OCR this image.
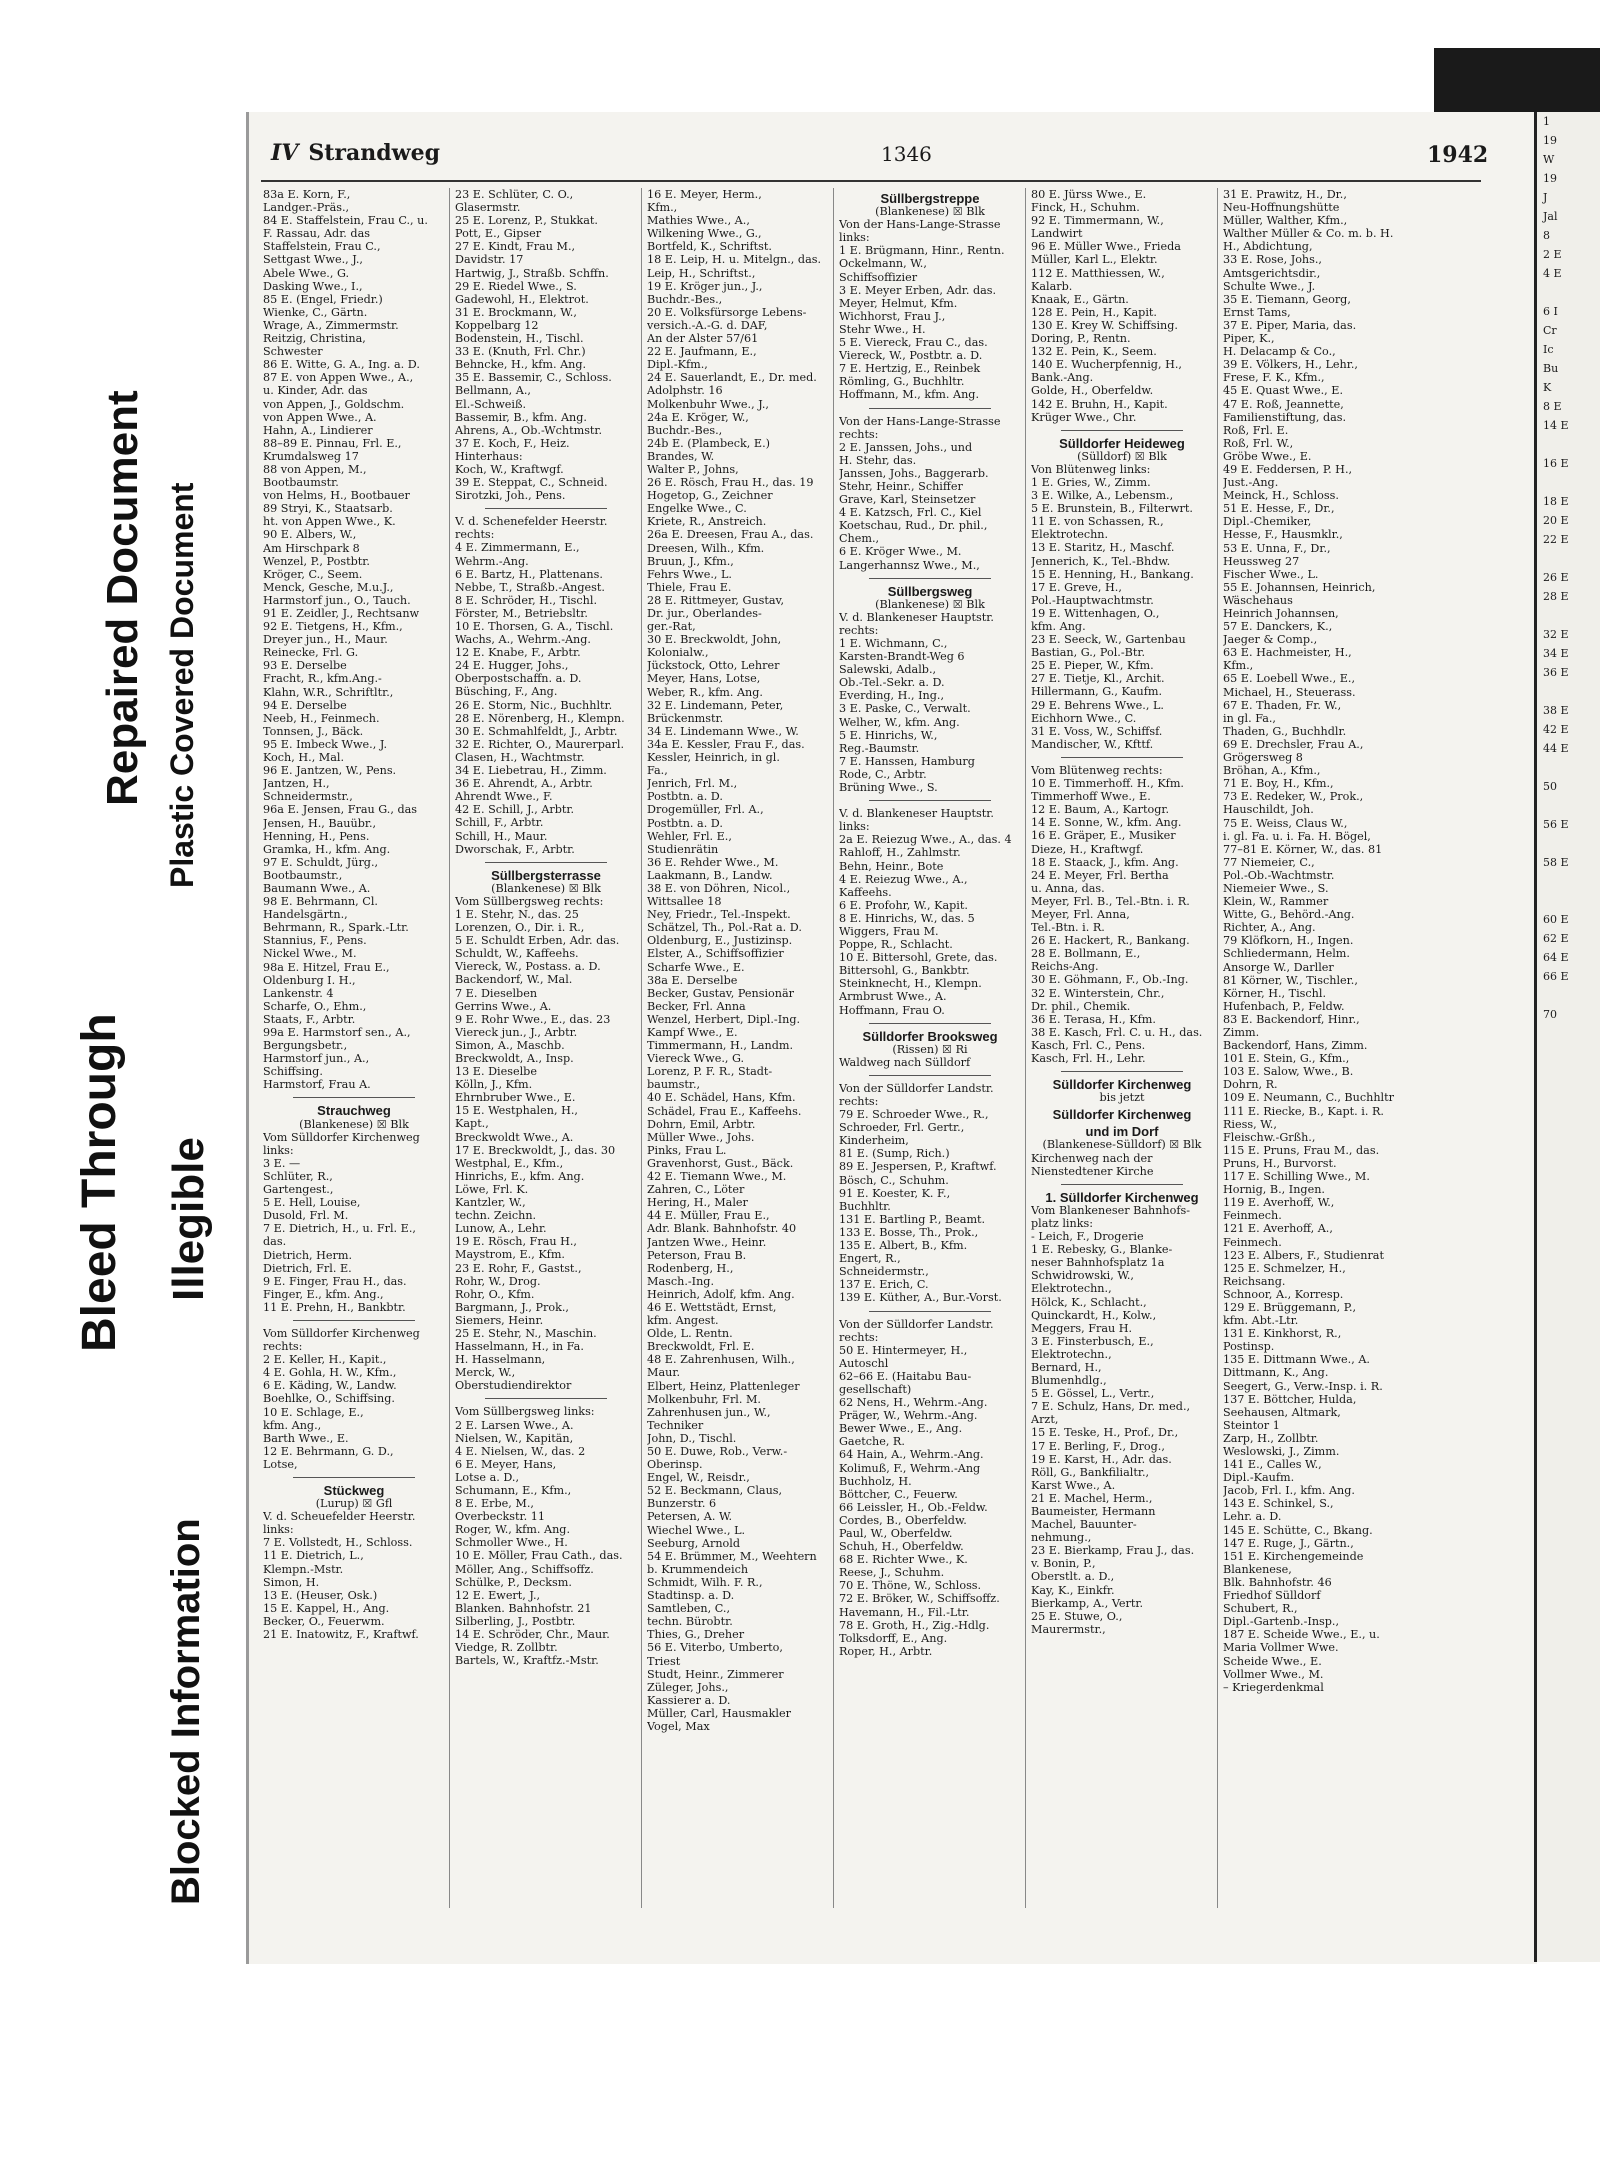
Bleed Through
Repaired Document
Blocked Information
Illegible
Plastic Covered Document
IV Strandweg	1346	1942
83a E. Korn, F.,
Landger.-Präs.,
84 E. Staffelstein, Frau C., u.
F. Rassau, Adr. das
Staffelstein, Frau C.,
Settgast Wwe., J.,
Abele Wwe., G.
Dasking Wwe., I.,
85 E. (Engel, Friedr.)
Wienke, C., Gärtn.
Wrage, A., Zimmermstr.
Reitzig, Christina,
Schwester
86 E. Witte, G. A., Ing. a. D.
87 E. von Appen Wwe., A.,
u. Kinder, Adr. das
von Appen, J., Goldschm.
von Appen Wwe., A.
Hahn, A., Lindierer
88–89 E. Pinnau, Frl. E.,
Krumdalsweg 17
88 von Appen, M.,
Bootbaumstr.
von Helms, H., Bootbauer
89 Stryi, K., Staatsarb.
ht. von Appen Wwe., K.
90 E. Albers, W.,
Am Hirschpark 8
Wenzel, P., Postbtr.
Kröger, C., Seem.
Menck, Gesche, M.u.J.,
Harmstorf jun., O., Tauch.
91 E. Zeidler, J., Rechtsanw
92 E. Tietgens, H., Kfm.,
Dreyer jun., H., Maur.
Reinecke, Frl. G.
93 E. Derselbe
Fracht, R., kfm.Ang.-
Klahn, W.R., Schriftltr.,
94 E. Derselbe
Neeb, H., Feinmech.
Tonnsen, J., Bäck.
95 E. Imbeck Wwe., J.
Koch, H., Mal.
96 E. Jantzen, W., Pens.
Jantzen, H.,
Schneidermstr.,
96a E. Jensen, Frau G., das
Jensen, H., Bauübr.,
Henning, H., Pens.
Gramka, H., kfm. Ang.
97 E. Schuldt, Jürg.,
Bootbaumstr.,
Baumann Wwe., A.
98 E. Behrmann, Cl.
Handelsgärtn.,
Behrmann, R., Spark.-Ltr.
Stannius, F., Pens.
Nickel Wwe., M.
98a E. Hitzel, Frau E.,
Oldenburg I. H.,
Lankenstr. 4
Scharfe, O., Ehm.,
Staats, F., Arbtr.
99a E. Harmstorf sen., A.,
Bergungsbetr.,
Harmstorf jun., A.,
Schiffsing.
Harmstorf, Frau A.
Strauchweg
(Blankenese) ☒ Blk
Vom Sülldorfer Kirchenweg
links:
3 E. —
Schlüter, R.,
Gartengest.,
5 E. Hell, Louise,
Dusold, Frl. M.
7 E. Dietrich, H., u. Frl. E.,
das.
Dietrich, Herm.
Dietrich, Frl. E.
9 E. Finger, Frau H., das.
Finger, E., kfm. Ang.,
11 E. Prehn, H., Bankbtr.
Vom Sülldorfer Kirchenweg
rechts:
2 E. Keller, H., Kapit.,
4 E. Gohla, H. W., Kfm.,
6 E. Käding, W., Landw.
Boehlke, O., Schiffsing.
10 E. Schlage, E.,
kfm. Ang.,
Barth Wwe., E.
12 E. Behrmann, G. D.,
Lotse,
Stückweg
(Lurup) ☒ Gfl
V. d. Scheuefelder Heerstr.
links:
7 E. Vollstedt, H., Schloss.
11 E. Dietrich, L.,
Klempn.-Mstr.
Simon, H.
13 E. (Heuser, Osk.)
15 E. Kappel, H., Ang.
Becker, O., Feuerwm.
21 E. Inatowitz, F., Kraftwf.
23 E. Schlüter, C. O.,
Glasermstr.
25 E. Lorenz, P., Stukkat.
Pott, E., Gipser
27 E. Kindt, Frau M.,
Davidstr. 17
Hartwig, J., Straßb. Schffn.
29 E. Riedel Wwe., S.
Gadewohl, H., Elektrot.
31 E. Brockmann, W.,
Koppelbarg 12
Bodenstein, H., Tischl.
33 E. (Knuth, Frl. Chr.)
Behncke, H., kfm. Ang.
35 E. Bassemir, C., Schloss.
Bellmann, A.,
El.-Schweiß.
Bassemir, B., kfm. Ang.
Ahrens, A., Ob.-Wchtmstr.
37 E. Koch, F., Heiz.
Hinterhaus:
Koch, W., Kraftwgf.
39 E. Steppat, C., Schneid.
Sirotzki, Joh., Pens.
V. d. Schenefelder Heerstr.
rechts:
4 E. Zimmermann, E.,
Wehrm.-Ang.
6 E. Bartz, H., Plattenans.
Nebbe, T., Straßb.-Angest.
8 E. Schröder, H., Tischl.
Förster, M., Betriebsltr.
10 E. Thorsen, G. A., Tischl.
Wachs, A., Wehrm.-Ang.
12 E. Knabe, F., Arbtr.
24 E. Hugger, Johs.,
Oberpostschaffn. a. D.
Büsching, F., Ang.
26 E. Storm, Nic., Buchhltr.
28 E. Nörenberg, H., Klempn.
30 E. Schmahlfeldt, J., Arbtr.
32 E. Richter, O., Maurerparl.
Clasen, H., Wachtmstr.
34 E. Liebetrau, H., Zimm.
36 E. Ahrendt, A., Arbtr.
Ahrendt Wwe., F.
42 E. Schill, J., Arbtr.
Schill, F., Arbtr.
Schill, H., Maur.
Dworschak, F., Arbtr.
Süllbergsterrasse
(Blankenese) ☒ Blk
Vom Süllbergsweg rechts:
1 E. Stehr, N., das. 25
Lorenzen, O., Dir. i. R.,
5 E. Schuldt Erben, Adr. das.
Schuldt, W., Kaffeehs.
Viereck, W., Postass. a. D.
Backendorf, W., Mal.
7 E. Dieselben
Gerrins Wwe., A.
9 E. Rohr Wwe., E., das. 23
Viereck jun., J., Arbtr.
Simon, A., Maschb.
Breckwoldt, A., Insp.
13 E. Dieselbe
Kölln, J., Kfm.
Ehrnbruber Wwe., E.
15 E. Westphalen, H.,
Kapt.,
Breckwoldt Wwe., A.
17 E. Breckwoldt, J., das. 30
Westphal, E., Kfm.,
Hinrichs, E., kfm. Ang.
Löwe, Frl. K.
Kantzler, W.,
techn. Zeichn.
Lunow, A., Lehr.
19 E. Rösch, Frau H.,
Maystrom, E., Kfm.
23 E. Rohr, F., Gastst.,
Rohr, W., Drog.
Rohr, O., Kfm.
Bargmann, J., Prok.,
Siemers, Heinr.
25 E. Stehr, N., Maschin.
Hasselmann, H., in Fa.
H. Hasselmann,
Merck, W.,
Oberstudiendirektor
Vom Süllbergsweg links:
2 E. Larsen Wwe., A.
Nielsen, W., Kapitän,
4 E. Nielsen, W., das. 2
6 E. Meyer, Hans,
Lotse a. D.,
Schumann, E., Kfm.,
8 E. Erbe, M.,
Overbeckstr. 11
Roger, W., kfm. Ang.
Schmoller Wwe., H.
10 E. Möller, Frau Cath., das.
Möller, Ang., Schiffsoffz.
Schülke, P., Decksm.
12 E. Ewert, J.,
Blanken. Bahnhofstr. 21
Silberling, J., Postbtr.
14 E. Schröder, Chr., Maur.
Viedge, R. Zollbtr.
Bartels, W., Kraftfz.-Mstr.
16 E. Meyer, Herm.,
Kfm.,
Mathies Wwe., A.,
Wilkening Wwe., G.,
Bortfeld, K., Schriftst.
18 E. Leip, H. u. Mitelgn., das.
Leip, H., Schriftst.,
19 E. Kröger jun., J.,
Buchdr.-Bes.,
20 E. Volksfürsorge Lebens-
versich.-A.-G. d. DAF,
An der Alster 57/61
22 E. Jaufmann, E.,
Dipl.-Kfm.,
24 E. Sauerlandt, E., Dr. med.
Adolphstr. 16
Molkenbuhr Wwe., J.,
24a E. Kröger, W.,
Buchdr.-Bes.,
24b E. (Plambeck, E.)
Brandes, W.
Walter P., Johns,
26 E. Rösch, Frau H., das. 19
Hogetop, G., Zeichner
Engelke Wwe., C.
Kriete, R., Anstreich.
26a E. Dreesen, Frau A., das.
Dreesen, Wilh., Kfm.
Bruun, J., Kfm.,
Fehrs Wwe., L.
Thiele, Frau E.
28 E. Rittmeyer, Gustav,
Dr. jur., Oberlandes-
ger.-Rat,
30 E. Breckwoldt, John,
Kolonialw.,
Jückstock, Otto, Lehrer
Meyer, Hans, Lotse,
Weber, R., kfm. Ang.
32 E. Lindemann, Peter,
Brückenmstr.
34 E. Lindemann Wwe., W.
34a E. Kessler, Frau F., das.
Kessler, Heinrich, in gl.
Fa.,
Jenrich, Frl. M.,
Postbtn. a. D.
Drogemüller, Frl. A.,
Postbtn. a. D.
Wehler, Frl. E.,
Studienrätin
36 E. Rehder Wwe., M.
Laakmann, B., Landw.
38 E. von Döhren, Nicol.,
Wittsallee 18
Ney, Friedr., Tel.-Inspekt.
Schätzel, Th., Pol.-Rat a. D.
Oldenburg, E., Justizinsp.
Elster, A., Schiffsoffizier
Scharfe Wwe., E.
38a E. Derselbe
Becker, Gustav, Pensionär
Becker, Frl. Anna
Wenzel, Herbert, Dipl.-Ing.
Kampf Wwe., E.
Timmermann, H., Landm.
Viereck Wwe., G.
Lorenz, P. F. R., Stadt-
baumstr.,
40 E. Schädel, Hans, Kfm.
Schädel, Frau E., Kaffeehs.
Dohrn, Emil, Arbtr.
Müller Wwe., Johs.
Pinks, Frau L.
Gravenhorst, Gust., Bäck.
42 E. Tiemann Wwe., M.
Zahren, C., Löter
Hering, H., Maler
44 E. Müller, Frau E.,
Adr. Blank. Bahnhofstr. 40
Jantzen Wwe., Heinr.
Peterson, Frau B.
Rodenberg, H.,
Masch.-Ing.
Heinrich, Adolf, kfm. Ang.
46 E. Wettstädt, Ernst,
kfm. Angest.
Olde, L. Rentn.
Breckwoldt, Frl. E.
48 E. Zahrenhusen, Wilh.,
Maur.
Elbert, Heinz, Plattenleger
Molkenbuhr, Frl. M.
Zahrenhusen jun., W.,
Techniker
John, D., Tischl.
50 E. Duwe, Rob., Verw.-
Oberinsp.
Engel, W., Reisdr.,
52 E. Beckmann, Claus,
Bunzerstr. 6
Petersen, A. W.
Wiechel Wwe., L.
Seeburg, Arnold
54 E. Brümmer, M., Weehtern
b. Krummendeich
Schmidt, Wilh. F. R.,
Stadtinsp. a. D.
Samtleben, C.,
techn. Bürobtr.
Thies, G., Dreher
56 E. Viterbo, Umberto,
Triest
Studt, Heinr., Zimmerer
Züleger, Johs.,
Kassierer a. D.
Müller, Carl, Hausmakler
Vogel, Max
Süllbergstreppe
(Blankenese) ☒ Blk
Von der Hans-Lange-Strasse
links:
1 E. Brügmann, Hinr., Rentn.
Ockelmann, W.,
Schiffsoffizier
3 E. Meyer Erben, Adr. das.
Meyer, Helmut, Kfm.
Wichhorst, Frau J.,
Stehr Wwe., H.
5 E. Viereck, Frau C., das.
Viereck, W., Postbtr. a. D.
7 E. Hertzig, E., Reinbek
Römling, G., Buchhltr.
Hoffmann, M., kfm. Ang.
Von der Hans-Lange-Strasse
rechts:
2 E. Janssen, Johs., und
H. Stehr, das.
Janssen, Johs., Baggerarb.
Stehr, Heinr., Schiffer
Grave, Karl, Steinsetzer
4 E. Katzsch, Frl. C., Kiel
Koetschau, Rud., Dr. phil.,
Chem.,
6 E. Kröger Wwe., M.
Langerhannsz Wwe., M.,
Süllbergsweg
(Blankenese) ☒ Blk
V. d. Blankeneser Hauptstr.
rechts:
1 E. Wichmann, C.,
Karsten-Brandt-Weg 6
Salewski, Adalb.,
Ob.-Tel.-Sekr. a. D.
Everding, H., Ing.,
3 E. Paske, C., Verwalt.
Welher, W., kfm. Ang.
5 E. Hinrichs, W.,
Reg.-Baumstr.
7 E. Hanssen, Hamburg
Rode, C., Arbtr.
Brüning Wwe., S.
V. d. Blankeneser Hauptstr.
links:
2a E. Reiezug Wwe., A., das. 4
Rahloff, H., Zahlmstr.
Behn, Heinr., Bote
4 E. Reiezug Wwe., A.,
Kaffeehs.
6 E. Profohr, W., Kapit.
8 E. Hinrichs, W., das. 5
Wiggers, Frau M.
Poppe, R., Schlacht.
10 E. Bittersohl, Grete, das.
Bittersohl, G., Bankbtr.
Steinknecht, H., Klempn.
Armbrust Wwe., A.
Hoffmann, Frau O.
Sülldorfer Brooksweg
(Rissen) ☒ Ri
Waldweg nach Sülldorf
Von der Sülldorfer Landstr.
rechts:
79 E. Schroeder Wwe., R.,
Schroeder, Frl. Gertr.,
Kinderheim,
81 E. (Sump, Rich.)
89 E. Jespersen, P., Kraftwf.
Bösch, C., Schuhm.
91 E. Koester, K. F.,
Buchhltr.
131 E. Bartling P., Beamt.
133 E. Bosse, Th., Prok.,
135 E. Albert, B., Kfm.
Engert, R.,
Schneidermstr.,
137 E. Erich, C.
139 E. Küther, A., Bur.-Vorst.
Von der Sülldorfer Landstr.
rechts:
50 E. Hintermeyer, H.,
Autoschl
62–66 E. (Haitabu Bau-
gesellschaft)
62 Nens, H., Wehrm.-Ang.
Präger, W., Wehrm.-Ang.
Bewer Wwe., E., Ang.
Gaetche, R.
64 Hain, A., Wehrm.-Ang.
Kolimuß, F., Wehrm.-Ang
Buchholz, H.
Böttcher, C., Feuerw.
66 Leissler, H., Ob.-Feldw.
Cordes, B., Oberfeldw.
Paul, W., Oberfeldw.
Schuh, H., Oberfeldw.
68 E. Richter Wwe., K.
Reese, J., Schuhm.
70 E. Thöne, W., Schloss.
72 E. Bröker, W., Schiffsoffz.
Havemann, H., Fil.-Ltr.
78 E. Groth, H., Zig.-Hdlg.
Tolksdorff, E., Ang.
Roper, H., Arbtr.
80 E. Jürss Wwe., E.
Finck, H., Schuhm.
92 E. Timmermann, W.,
Landwirt
96 E. Müller Wwe., Frieda
Müller, Karl L., Elektr.
112 E. Matthiessen, W.,
Kalarb.
Knaak, E., Gärtn.
128 E. Pein, H., Kapit.
130 E. Krey W. Schiffsing.
Doring, P., Rentn.
132 E. Pein, K., Seem.
140 E. Wucherpfennig, H.,
Bank.-Ang.
Golde, H., Oberfeldw.
142 E. Bruhn, H., Kapit.
Krüger Wwe., Chr.
Sülldorfer Heideweg
(Sülldorf) ☒ Blk
Von Blütenweg links:
1 E. Gries, W., Zimm.
3 E. Wilke, A., Lebensm.,
5 E. Brunstein, B., Filterwrt.
11 E. von Schassen, R.,
Elektrotechn.
13 E. Staritz, H., Maschf.
Jennerich, K., Tel.-Bhdw.
15 E. Henning, H., Bankang.
17 E. Greve, H.,
Pol.-Hauptwachtmstr.
19 E. Wittenhagen, O.,
kfm. Ang.
23 E. Seeck, W., Gartenbau
Bastian, G., Pol.-Btr.
25 E. Pieper, W., Kfm.
27 E. Tietje, Kl., Archit.
Hillermann, G., Kaufm.
29 E. Behrens Wwe., L.
Eichhorn Wwe., C.
31 E. Voss, W., Schiffsf.
Mandischer, W., Kfttf.
Vom Blütenweg rechts:
10 E. Timmerhoff. H., Kfm.
Timmerhoff Wwe., E.
12 E. Baum, A., Kartogr.
14 E. Sonne, W., kfm. Ang.
16 E. Gräper, E., Musiker
Dieze, H., Kraftwgf.
18 E. Staack, J., kfm. Ang.
24 E. Meyer, Frl. Bertha
u. Anna, das.
Meyer, Frl. B., Tel.-Btn. i. R.
Meyer, Frl. Anna,
Tel.-Btn. i. R.
26 E. Hackert, R., Bankang.
28 E. Bollmann, E.,
Reichs-Ang.
30 E. Göhmann, F., Ob.-Ing.
32 E. Winterstein, Chr.,
Dr. phil., Chemik.
36 E. Terasa, H., Kfm.
38 E. Kasch, Frl. C. u. H., das.
Kasch, Frl. C., Pens.
Kasch, Frl. H., Lehr.
Sülldorfer Kirchenweg
bis jetzt
Sülldorfer Kirchenweg
und im Dorf
(Blankenese-Sülldorf) ☒ Blk
Kirchenweg nach der
Nienstedtener Kirche
1. Sülldorfer Kirchenweg
Vom Blankeneser Bahnhofs-
platz links:
- Leich, F., Drogerie
1 E. Rebesky, G., Blanke-
neser Bahnhofsplatz 1a
Schwidrowski, W.,
Elektrotechn.,
Hölck, K., Schlacht.,
Quinckardt, H., Kolw.,
Meggers, Frau H.
3 E. Finsterbusch, E.,
Elektrotechn.,
Bernard, H.,
Blumenhdlg.,
5 E. Gössel, L., Vertr.,
7 E. Schulz, Hans, Dr. med.,
Arzt,
15 E. Teske, H., Prof., Dr.,
17 E. Berling, F., Drog.,
19 E. Karst, H., Adr. das.
Röll, G., Bankfilialtr.,
Karst Wwe., A.
21 E. Machel, Herm.,
Baumeister, Hermann
Machel, Bauunter-
nehmung.,
23 E. Bierkamp, Frau J., das.
v. Bonin, P.,
Oberstlt. a. D.,
Kay, K., Einkfr.
Bierkamp, A., Vertr.
25 E. Stuwe, O.,
Maurermstr.,
31 E. Prawitz, H., Dr.,
Neu-Hoffnungshütte
Müller, Walther, Kfm.,
Walther Müller & Co. m. b. H.
H., Abdichtung,
33 E. Rose, Johs.,
Amtsgerichtsdir.,
Schulte Wwe., J.
35 E. Tiemann, Georg,
Ernst Tams,
37 E. Piper, Maria, das.
Piper, K.,
H. Delacamp & Co.,
39 E. Völkers, H., Lehr.,
Frese, F. K., Kfm.,
45 E. Quast Wwe., E.
47 E. Roß, Jeannette,
Familienstiftung, das.
Roß, Frl. E.
Roß, Frl. W.,
Gröbe Wwe., E.
49 E. Feddersen, P. H.,
Just.-Ang.
Meinck, H., Schloss.
51 E. Hesse, F., Dr.,
Dipl.-Chemiker,
Hesse, F., Hausmklr.,
53 E. Unna, F., Dr.,
Heussweg 27
Fischer Wwe., L.
55 E. Johannsen, Heinrich,
Wäschehaus
Heinrich Johannsen,
57 E. Danckers, K.,
Jaeger & Comp.,
63 E. Hachmeister, H.,
Kfm.,
65 E. Loebell Wwe., E.,
Michael, H., Steuerass.
67 E. Thaden, Fr. W.,
in gl. Fa.,
Thaden, G., Buchhdlr.
69 E. Drechsler, Frau A.,
Grögersweg 8
Bröhan, A., Kfm.,
71 E. Boy, H., Kfm.,
73 E. Redeker, W., Prok.,
Hauschildt, Joh.
75 E. Weiss, Claus W.,
i. gl. Fa. u. i. Fa. H. Bögel,
77–81 E. Körner, W., das. 81
77 Niemeier, C.,
Pol.-Ob.-Wachtmstr.
Niemeier Wwe., S.
Klein, W., Rammer
Witte, G., Behörd.-Ang.
Richter, A., Ang.
79 Klöfkorn, H., Ingen.
Schliedermann, Helm.
Ansorge W., Darller
81 Körner, W., Tischler.,
Körner, H., Tischl.
Hufenbach, P., Feldw.
83 E. Backendorf, Hinr.,
Zimm.
Backendorf, Hans, Zimm.
101 E. Stein, G., Kfm.,
103 E. Salow, Wwe., B.
Dohrn, R.
109 E. Neumann, C., Buchhltr
111 E. Riecke, B., Kapt. i. R.
Riess, W.,
Fleischw.-Grßh.,
115 E. Pruns, Frau M., das.
Pruns, H., Burvorst.
117 E. Schilling Wwe., M.
Hornig, B., Ingen.
119 E. Averhoff, W.,
Feinmech.
121 E. Averhoff, A.,
Feinmech.
123 E. Albers, F., Studienrat
125 E. Schmelzer, H.,
Reichsang.
Schnoor, A., Korresp.
129 E. Brüggemann, P.,
kfm. Abt.-Ltr.
131 E. Kinkhorst, R.,
Postinsp.
135 E. Dittmann Wwe., A.
Dittmann, K., Ang.
Seegert, G., Verw.-Insp. i. R.
137 E. Böttcher, Hulda,
Seehausen, Altmark,
Steintor 1
Zarp, H., Zollbtr.
Weslowski, J., Zimm.
141 E., Calles W.,
Dipl.-Kaufm.
Jacob, Frl. I., kfm. Ang.
143 E. Schinkel, S.,
Lehr. a. D.
145 E. Schütte, C., Bkang.
147 E. Ruge, J., Gärtn.,
151 E. Kirchengemeinde
Blankenese,
Blk. Bahnhofstr. 46
Friedhof Sülldorf
Schubert, R.,
Dipl.-Gartenb.-Insp.,
187 E. Scheide Wwe., E., u.
Maria Vollmer Wwe.
Scheide Wwe., E.
Vollmer Wwe., M.
– Kriegerdenkmal
1
19
W
19
J
Jal
8
2 E
4 E

6 I
Cr
Ic
Bu
K
8 E
14 E

16 E

18 E
20 E
22 E

26 E
28 E

32 E
34 E
36 E

38 E
42 E
44 E

50

56 E

58 E

60 E
62 E
64 E
66 E

70
